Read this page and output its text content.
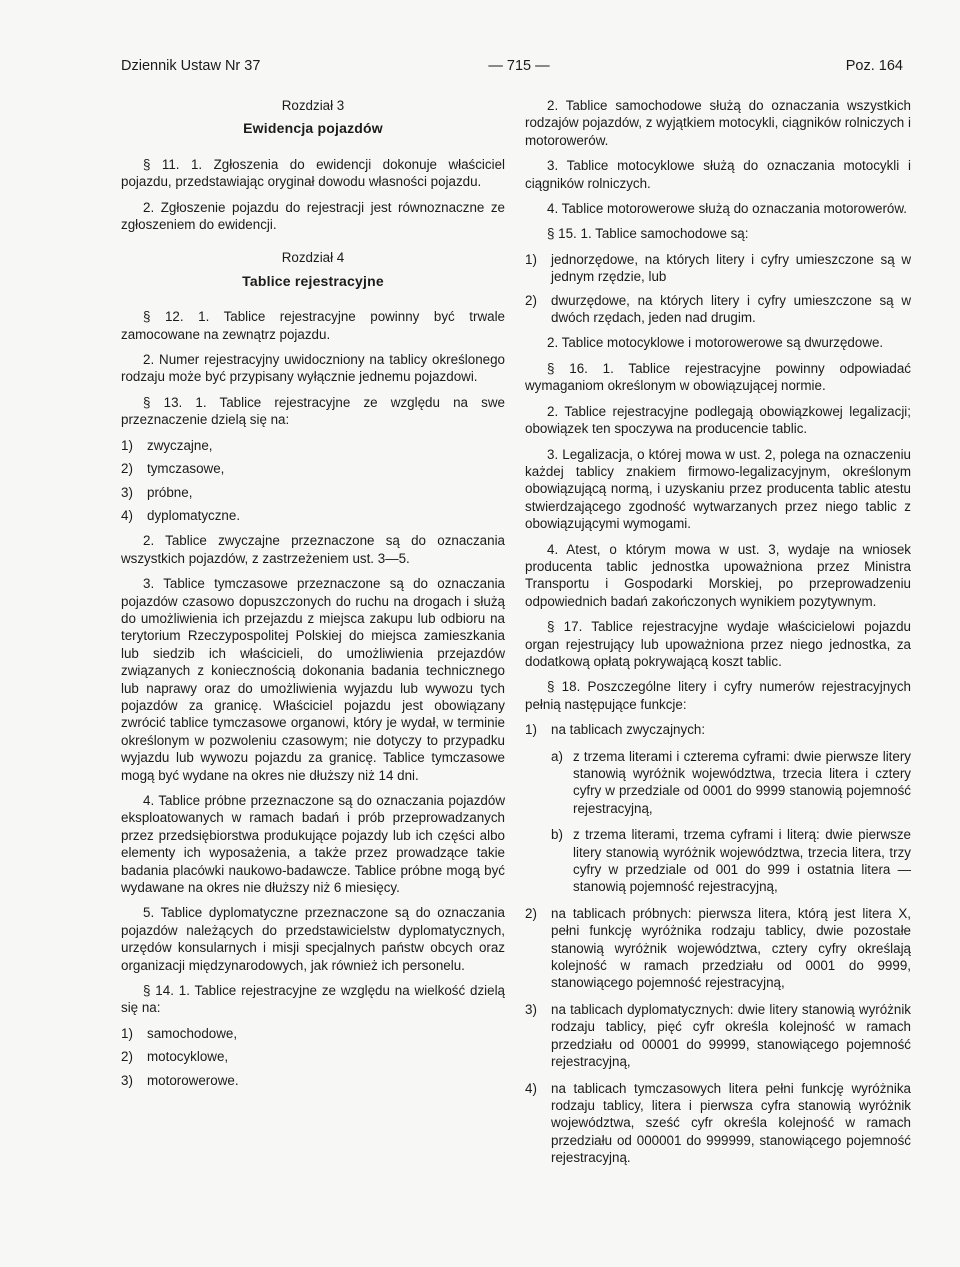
Dziennik Ustaw Nr 37	— 715 —	Poz. 164
Rozdział 3
Ewidencja pojazdów

§ 11. 1. Zgłoszenia do ewidencji dokonuje właściciel pojazdu, przedstawiając oryginał dowodu własności pojazdu.

2. Zgłoszenie pojazdu do rejestracji jest równoznaczne ze zgłoszeniem do ewidencji.

Rozdział 4
Tablice rejestracyjne

§ 12. 1. Tablice rejestracyjne powinny być trwale zamocowane na zewnątrz pojazdu.

2. Numer rejestracyjny uwidoczniony na tablicy określonego rodzaju może być przypisany wyłącznie jednemu pojazdowi.

§ 13. 1. Tablice rejestracyjne ze względu na swe przeznaczenie dzielą się na:

1)	zwyczajne,
2)	tymczasowe,
3)	próbne,
4)	dyplomatyczne.

2. Tablice zwyczajne przeznaczone są do oznaczania wszystkich pojazdów, z zastrzeżeniem ust. 3—5.

3. Tablice tymczasowe przeznaczone są do oznaczania pojazdów czasowo dopuszczonych do ruchu na drogach i służą do umożliwienia ich przejazdu z miejsca zakupu lub odbioru na terytorium Rzeczypospolitej Polskiej do miejsca zamieszkania lub siedzib ich właścicieli, do umożliwienia przejazdów związanych z koniecznością dokonania badania technicznego lub naprawy oraz do umożliwienia wyjazdu lub wywozu tych pojazdów za granicę. Właściciel pojazdu jest obowiązany zwrócić tablice tymczasowe organowi, który je wydał, w terminie określonym w pozwoleniu czasowym; nie dotyczy to przypadku wyjazdu lub wywozu pojazdu za granicę. Tablice tymczasowe mogą być wydane na okres nie dłuższy niż 14 dni.

4. Tablice próbne przeznaczone są do oznaczania pojazdów eksploatowanych w ramach badań i prób przeprowadzanych przez przedsiębiorstwa produkujące pojazdy lub ich części albo elementy ich wyposażenia, a także przez prowadzące takie badania placówki naukowo-badawcze. Tablice próbne mogą być wydawane na okres nie dłuższy niż 6 miesięcy.

5. Tablice dyplomatyczne przeznaczone są do oznaczania pojazdów należących do przedstawicielstw dyplomatycznych, urzędów konsularnych i misji specjalnych państw obcych oraz organizacji międzynarodowych, jak również ich personelu.

§ 14. 1. Tablice rejestracyjne ze względu na wielkość dzielą się na:

1)	samochodowe,
2)	motocyklowe,
3)	motorowerowe.

2. Tablice samochodowe służą do oznaczania wszystkich rodzajów pojazdów, z wyjątkiem motocykli, ciągników rolniczych i motorowerów.

3. Tablice motocyklowe służą do oznaczania motocykli i ciągników rolniczych.

4. Tablice motorowerowe służą do oznaczania motorowerów.

§ 15. 1. Tablice samochodowe są:

1)	jednorzędowe, na których litery i cyfry umieszczone są w jednym rzędzie, lub
2)	dwurzędowe, na których litery i cyfry umieszczone są w dwóch rzędach, jeden nad drugim.

2. Tablice motocyklowe i motorowerowe są dwurzędowe.

§ 16. 1. Tablice rejestracyjne powinny odpowiadać wymaganiom określonym w obowiązującej normie.

2. Tablice rejestracyjne podlegają obowiązkowej legalizacji; obowiązek ten spoczywa na producencie tablic.

3. Legalizacja, o której mowa w ust. 2, polega na oznaczeniu każdej tablicy znakiem firmowo-legalizacyjnym, określonym obowiązującą normą, i uzyskaniu przez producenta tablic atestu stwierdzającego zgodność wytwarzanych przez niego tablic z obowiązującymi wymogami.

4. Atest, o którym mowa w ust. 3, wydaje na wniosek producenta tablic jednostka upoważniona przez Ministra Transportu i Gospodarki Morskiej, po przeprowadzeniu odpowiednich badań zakończonych wynikiem pozytywnym.

§ 17. Tablice rejestracyjne wydaje właścicielowi pojazdu organ rejestrujący lub upoważniona przez niego jednostka, za dodatkową opłatą pokrywającą koszt tablic.

§ 18. Poszczególne litery i cyfry numerów rejestracyjnych pełnią następujące funkcje:

1)	na tablicach zwyczajnych:
a) z trzema literami i czterema cyframi: dwie pierwsze litery stanowią wyróżnik województwa, trzecia litera i cztery cyfry w przedziale od 0001 do 9999 stanowią pojemność rejestracyjną,
b) z trzema literami, trzema cyframi i literą: dwie pierwsze litery stanowią wyróżnik województwa, trzecia litera, trzy cyfry w przedziale od 001 do 999 i ostatnia litera — stanowią pojemność rejestracyjną,
2)	na tablicach próbnych: pierwsza litera, którą jest litera X, pełni funkcję wyróżnika rodzaju tablicy, dwie pozostałe stanowią wyróżnik województwa, cztery cyfry określają kolejność w ramach przedziału od 0001 do 9999, stanowiącego pojemność rejestracyjną,
3)	na tablicach dyplomatycznych: dwie litery stanowią wyróżnik rodzaju tablicy, pięć cyfr określa kolejność w ramach przedziału od 00001 do 99999, stanowiącego pojemność rejestracyjną,
4)	na tablicach tymczasowych litera pełni funkcję wyróżnika rodzaju tablicy, litera i pierwsza cyfra stanowią wyróżnik województwa, sześć cyfr określa kolejność w ramach przedziału od 000001 do 999999, stanowiącego pojemność rejestracyjną.
